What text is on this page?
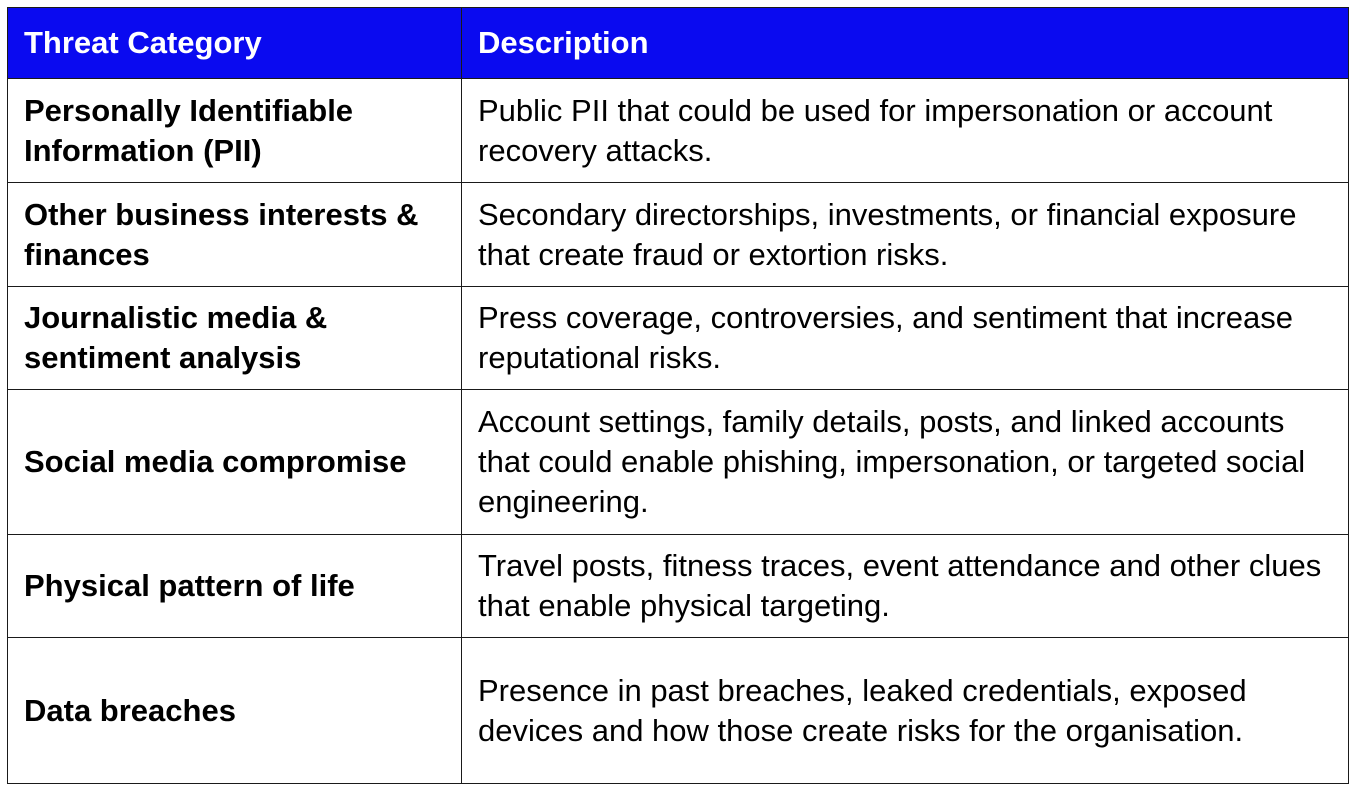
Threat Category	Description
Personally Identifiable Information (PII)	Public PII that could be used for impersonation or account recovery attacks.
Other business interests & finances	Secondary directorships, investments, or financial exposure that create fraud or extortion risks.
Journalistic media & sentiment analysis	Press coverage, controversies, and sentiment that increase reputational risks.
Social media compromise	Account settings, family details, posts, and linked accounts that could enable phishing, impersonation, or targeted social engineering.
Physical pattern of life	Travel posts, fitness traces, event attendance and other clues that enable physical targeting.
Data breaches	Presence in past breaches, leaked credentials, exposed devices and how those create risks for the organisation.
